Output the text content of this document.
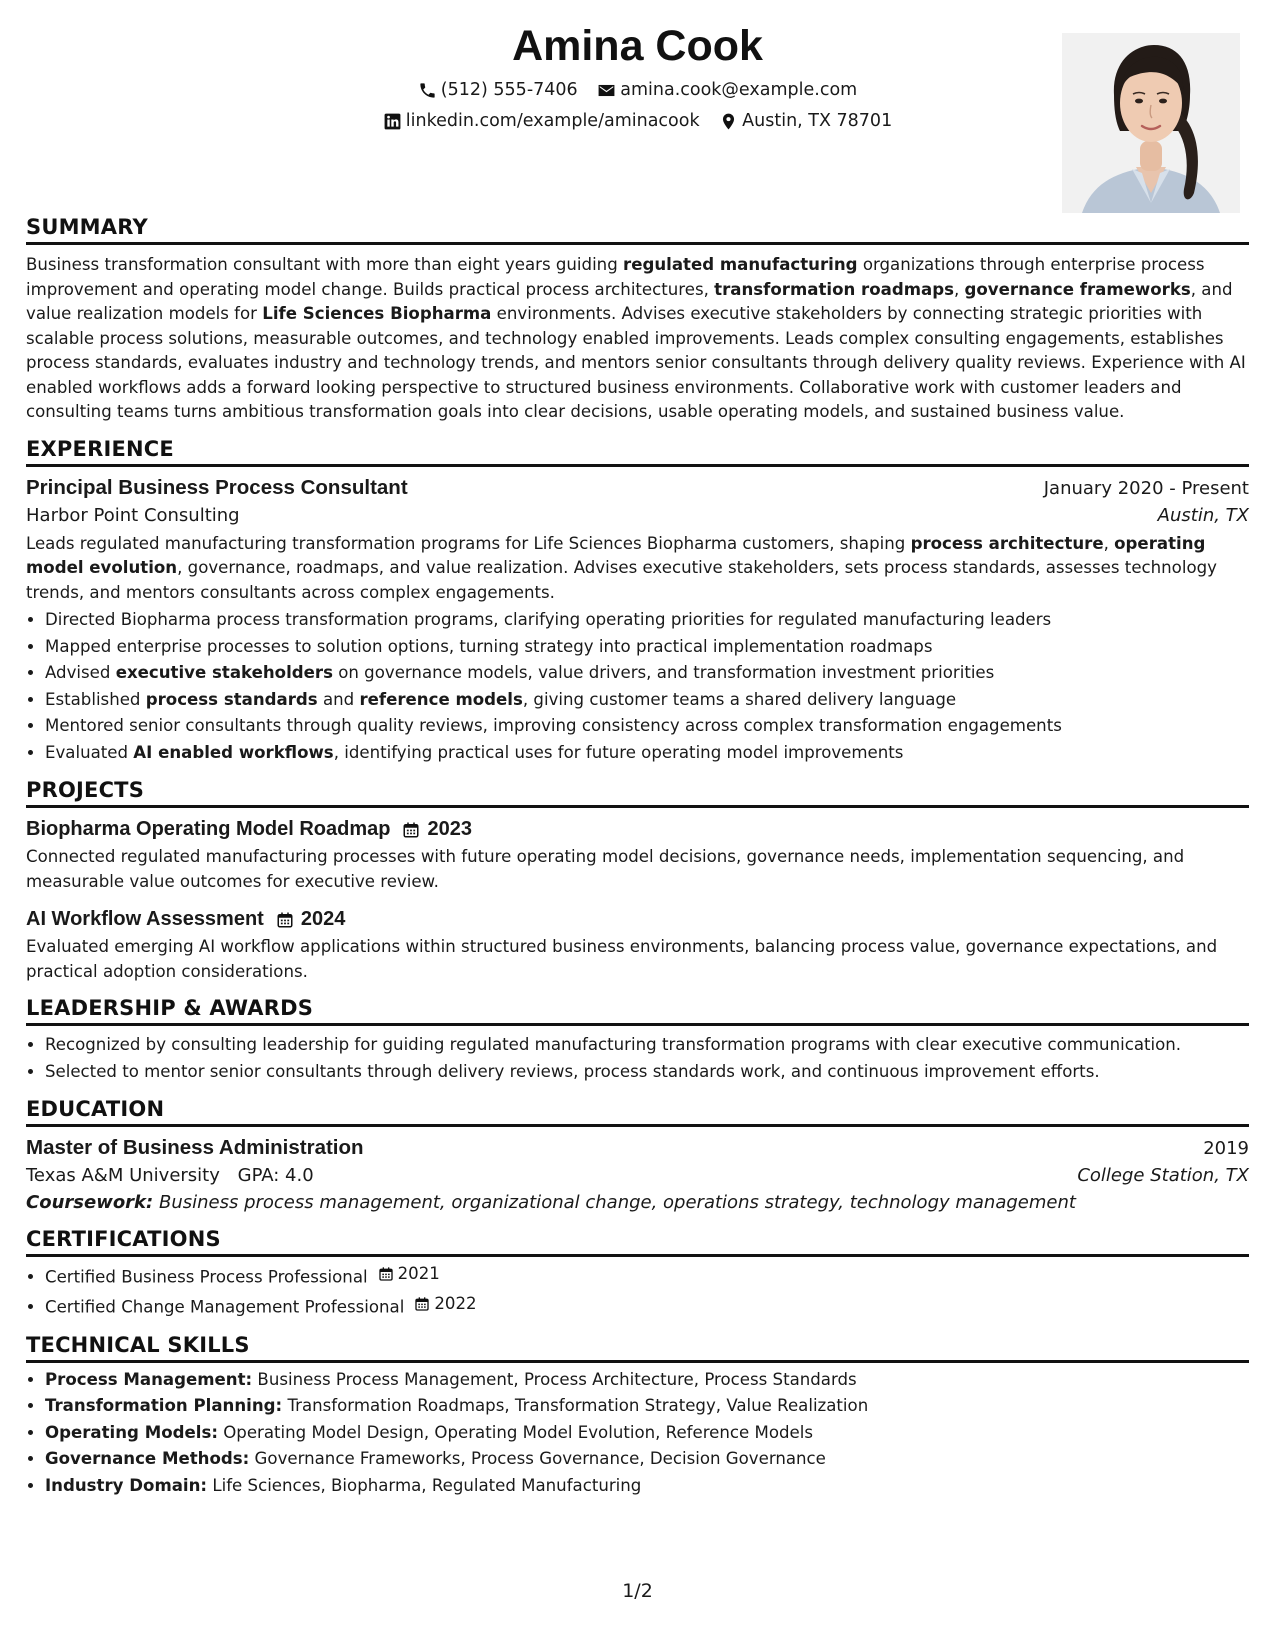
Amina Cook
(512) 555-7406
amina.cook@example.com
linkedin.com/example/aminacook
Austin, TX 78701
SUMMARY

Business transformation consultant with more than eight years guiding regulated manufacturing organizations through enterprise process improvement and operating model change. Builds practical process architectures, transformation roadmaps, governance frameworks, and value realization models for Life Sciences Biopharma environments. Advises executive stakeholders by connecting strategic priorities with scalable process solutions, measurable outcomes, and technology enabled improvements. Leads complex consulting engagements, establishes process standards, evaluates industry and technology trends, and mentors senior consultants through delivery quality reviews. Experience with AI enabled workflows adds a forward looking perspective to structured business environments. Collaborative work with customer leaders and consulting teams turns ambitious transformation goals into clear decisions, usable operating models, and sustained business value.

EXPERIENCE
Principal Business Process Consultant	January 2020 - Present
Harbor Point Consulting	Austin, TX

Leads regulated manufacturing transformation programs for Life Sciences Biopharma customers, shaping process architecture, operating model evolution, governance, roadmaps, and value realization. Advises executive stakeholders, sets process standards, assesses technology trends, and mentors consultants across complex engagements.

• Directed Biopharma process transformation programs, clarifying operating priorities for regulated manufacturing leaders
• Mapped enterprise processes to solution options, turning strategy into practical implementation roadmaps
• Advised executive stakeholders on governance models, value drivers, and transformation investment priorities
• Established process standards and reference models, giving customer teams a shared delivery language
• Mentored senior consultants through quality reviews, improving consistency across complex transformation engagements
• Evaluated AI enabled workflows, identifying practical uses for future operating model improvements
PROJECTS
Biopharma Operating Model Roadmap 2023
Connected regulated manufacturing processes with future operating model decisions, governance needs, implementation sequencing, and measurable value outcomes for executive review.
AI Workflow Assessment 2024
Evaluated emerging AI workflow applications within structured business environments, balancing process value, governance expectations, and practical adoption considerations.
LEADERSHIP & AWARDS
• Recognized by consulting leadership for guiding regulated manufacturing transformation programs with clear executive communication.
• Selected to mentor senior consultants through delivery reviews, process standards work, and continuous improvement efforts.
EDUCATION
Master of Business Administration	2019
Texas A&M University GPA: 4.0	College Station, TX
Coursework: Business process management, organizational change, operations strategy, technology management
CERTIFICATIONS
• Certified Business Process Professional 2021
• Certified Change Management Professional 2022
TECHNICAL SKILLS
• Process Management: Business Process Management, Process Architecture, Process Standards
• Transformation Planning: Transformation Roadmaps, Transformation Strategy, Value Realization
• Operating Models: Operating Model Design, Operating Model Evolution, Reference Models
• Governance Methods: Governance Frameworks, Process Governance, Decision Governance
• Industry Domain: Life Sciences, Biopharma, Regulated Manufacturing
1/2
